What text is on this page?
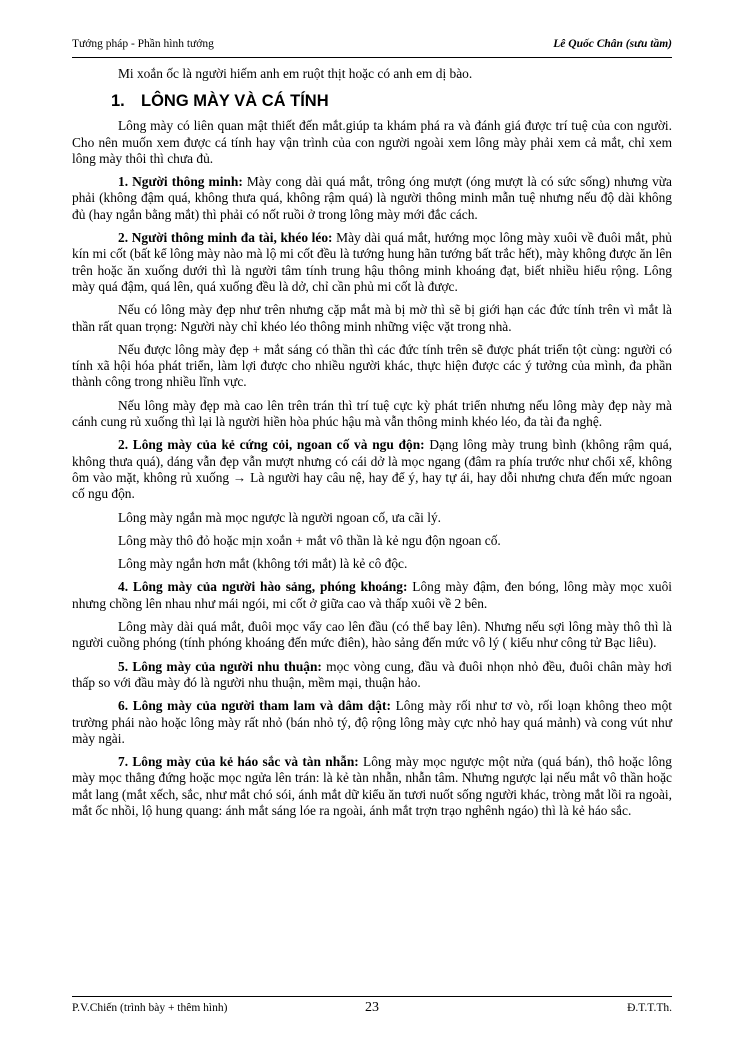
Tướng pháp - Phần hình tướng	Lê Quốc Chân (sưu tầm)

Mi xoắn ốc là người hiếm anh em ruột thịt hoặc có anh em dị bào.

1. LÔNG MÀY VÀ CÁ TÍNH

Lông mày có liên quan mật thiết đến mắt.giúp ta khám phá ra và đánh giá được trí tuệ của con người. Cho nên muốn xem được cá tính hay vận trình của con người ngoài xem lông mày phải xem cả mắt, chỉ xem lông mày thôi thì chưa đủ.

1. Người thông minh: Mày cong dài quá mắt, trông óng mượt (óng mượt là có sức sống) nhưng vừa phải (không đậm quá, không thưa quá, không rậm quá) là người thông minh mẫn tuệ nhưng nếu độ dài không đủ (hay ngắn bằng mắt) thì phải có nốt ruồi ở trong lông mày mới đắc cách.

2. Người thông minh đa tài, khéo léo: Mày dài quá mắt, hướng mọc lông mày xuôi về đuôi mắt, phủ kín mi cốt (bất kể lông mày nào mà lộ mi cốt đều là tướng hung hãn tướng bất trắc hết), mày không được ăn lên trên hoặc ăn xuống dưới thì là người tâm tính trung hậu thông minh khoáng đạt, biết nhiều hiểu rộng. Lông mày quá đậm, quá lên, quá xuống đều là dở, chỉ cần phủ mi cốt là được.

Nếu có lông mày đẹp như trên nhưng cặp mắt mà bị mờ thì sẽ bị giới hạn các đức tính trên vì mắt là thần rất quan trọng: Người này chỉ khéo léo thông minh những việc vặt trong nhà.

Nếu được lông mày đẹp + mắt sáng có thần thì các đức tính trên sẽ được phát triển tột cùng: người có tính xã hội hóa phát triển, làm lợi được cho nhiều người khác, thực hiện được các ý tưởng của mình, đa phần thành công trong nhiều lĩnh vực.

Nếu lông mày đẹp mà cao lên trên trán thì trí tuệ cực kỳ phát triển nhưng nếu lông mày đẹp này mà cánh cung rủ xuống thì lại là người hiền hòa phúc hậu mà vẫn thông minh khéo léo, đa tài đa nghệ.

2. Lông mày của kẻ cứng cỏi, ngoan cố và ngu độn: Dạng lông mày trung bình (không rậm quá, không thưa quá), dáng vẫn đẹp vẫn mượt nhưng có cái dở là mọc ngang (đâm ra phía trước như chổi xể, không ôm vào mặt, không rủ xuống → Là người hay câu nệ, hay để ý, hay tự ái, hay dỗi nhưng chưa đến mức ngoan cố ngu độn.

Lông mày ngắn mà mọc ngược là người ngoan cố, ưa cãi lý.

Lông mày thô đỏ hoặc mịn xoắn + mắt vô thần là kẻ ngu độn ngoan cố.

Lông mày ngắn hơn mắt (không tới mắt) là kẻ cô độc.

4. Lông mày của người hào sảng, phóng khoáng: Lông mày đậm, đen bóng, lông mày mọc xuôi nhưng chồng lên nhau như mái ngói, mi cốt ở giữa cao và thấp xuôi về 2 bên.

Lông mày dài quá mắt, đuôi mọc vẩy cao lên đầu (có thể bay lên). Nhưng nếu sợi lông mày thô thì là người cuồng phóng (tính phóng khoáng đến mức điên), hào sảng đến mức vô lý ( kiểu như công tử Bạc liêu).

5. Lông mày của người nhu thuận: mọc vòng cung, đầu và đuôi nhọn nhỏ đều, đuôi chân mày hơi thấp so với đầu mày đó là người nhu thuận, mềm mại, thuận hảo.

6. Lông mày của người tham lam và dâm dật: Lông mày rối như tơ vò, rối loạn không theo một trường phái nào hoặc lông mày rất nhỏ (bán nhỏ tý, độ rộng lông mày cực nhỏ hay quá mảnh) và cong vút như mày ngài.

7. Lông mày của kẻ háo sắc và tàn nhẫn: Lông mày mọc ngược một nửa (quá bán), thô hoặc lông mày mọc thẳng đứng hoặc mọc ngửa lên trán: là kẻ tàn nhẫn, nhẫn tâm. Nhưng ngược lại nếu mắt vô thần hoặc mắt lang (mắt xếch, sắc, như mắt chó sói, ánh mắt dữ kiểu ăn tươi nuốt sống người khác, tròng mắt lồi ra ngoài, mắt ốc nhồi, lộ hung quang: ánh mắt sáng lóe ra ngoài, ánh mắt trợn trạo nghênh ngáo) thì là kẻ háo sắc.

P.V.Chiến (trình bày + thêm hình)	23	Đ.T.T.Th.
